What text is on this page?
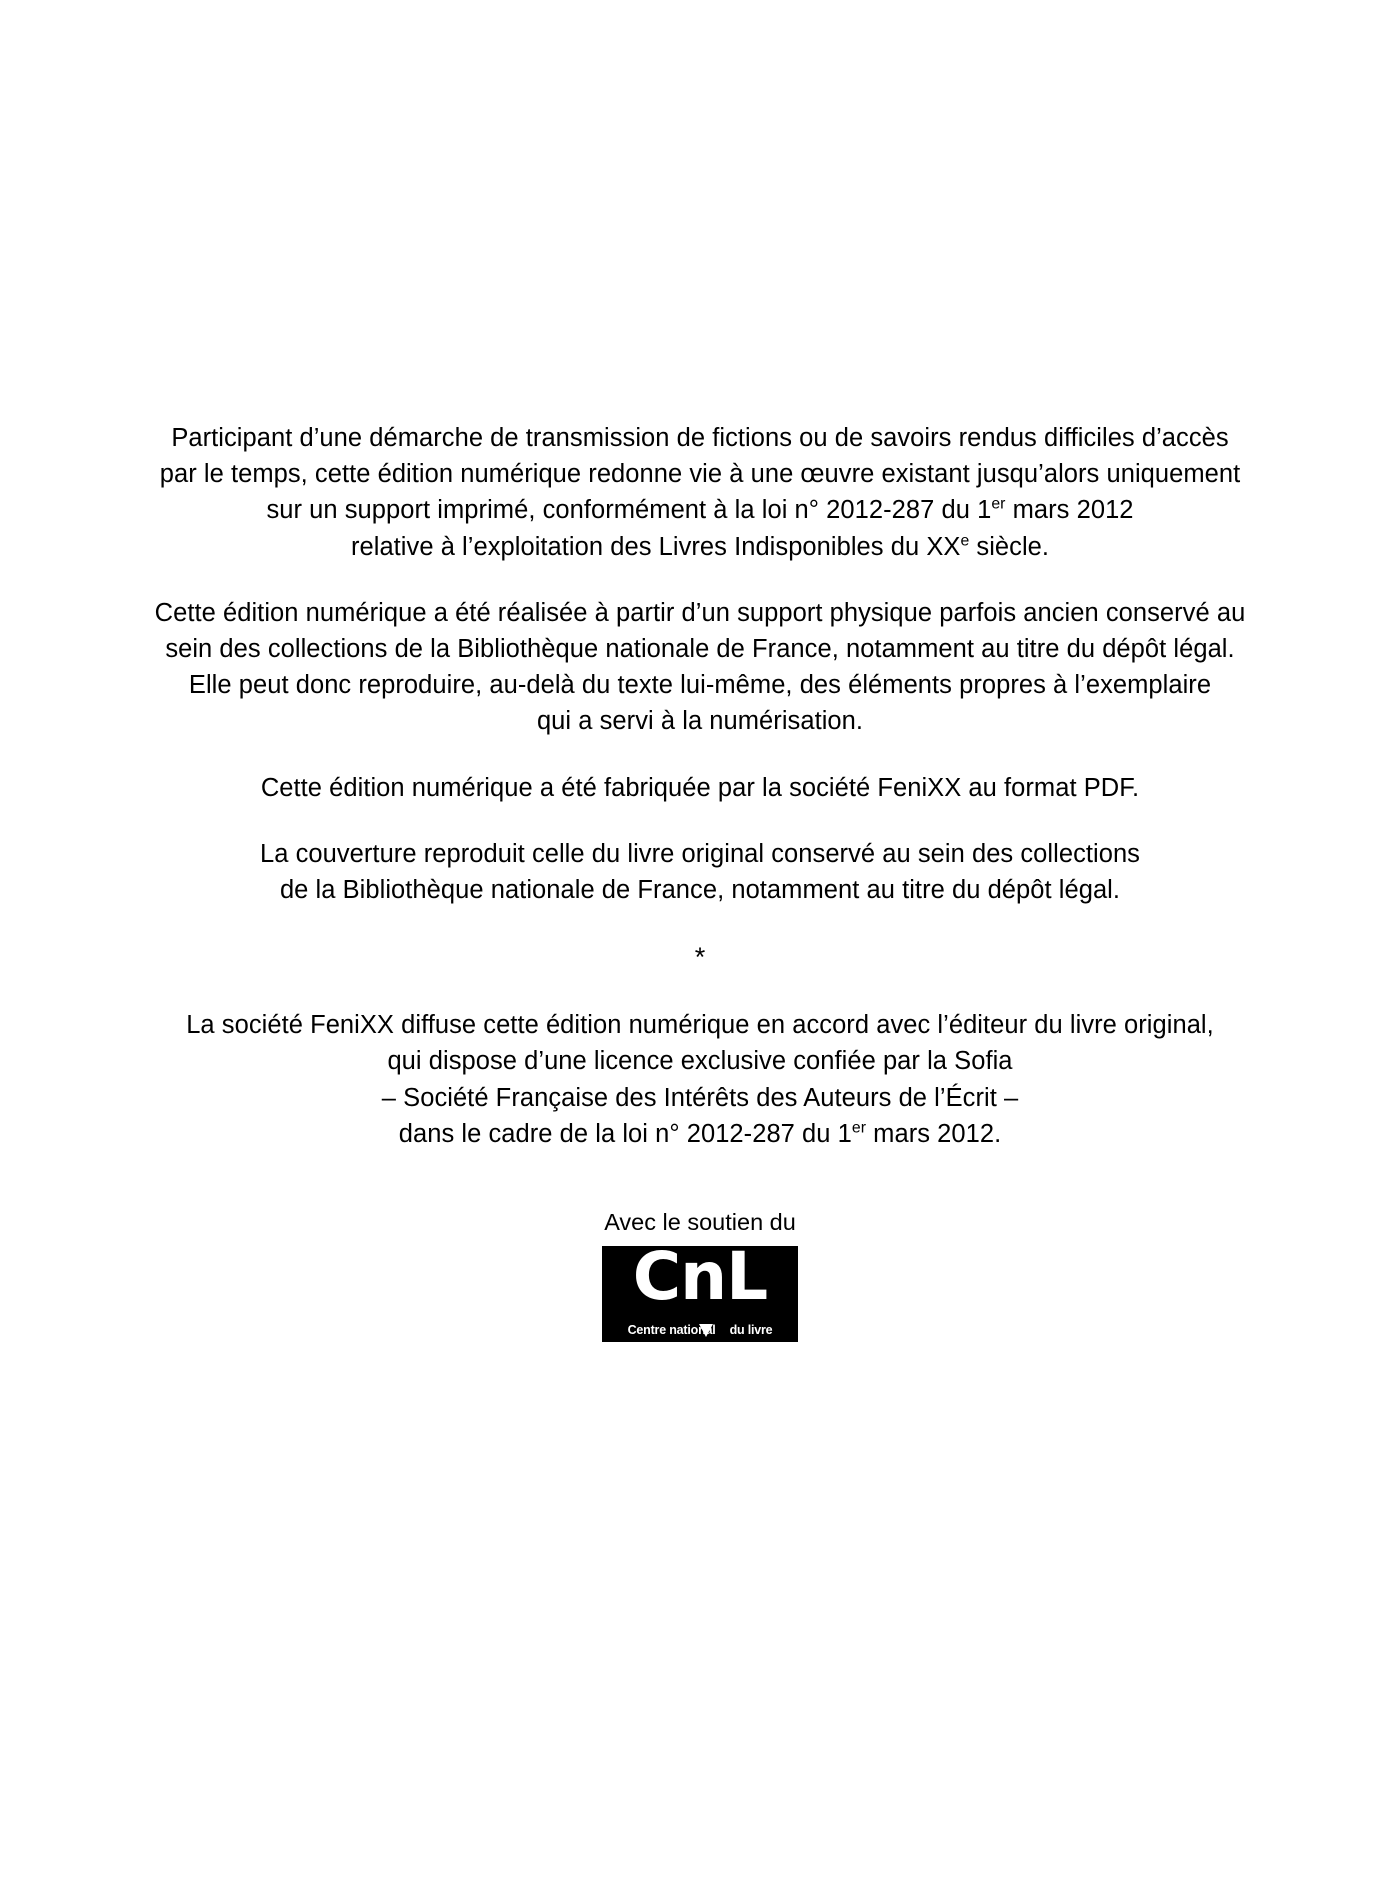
Participant d’une démarche de transmission de fictions ou de savoirs rendus difficiles d’accès
par le temps, cette édition numérique redonne vie à une œuvre existant jusqu’alors uniquement
sur un support imprimé, conformément à la loi n° 2012-287 du 1er mars 2012
relative à l’exploitation des Livres Indisponibles du XXe siècle.
Cette édition numérique a été réalisée à partir d’un support physique parfois ancien conservé au
sein des collections de la Bibliothèque nationale de France, notamment au titre du dépôt légal.
Elle peut donc reproduire, au-delà du texte lui-même, des éléments propres à l’exemplaire
qui a servi à la numérisation.
Cette édition numérique a été fabriquée par la société FeniXX au format PDF.
La couverture reproduit celle du livre original conservé au sein des collections
de la Bibliothèque nationale de France, notamment au titre du dépôt légal.
*
La société FeniXX diffuse cette édition numérique en accord avec l’éditeur du livre original,
qui dispose d’une licence exclusive confiée par la Sofia
– Société Française des Intérêts des Auteurs de l’Écrit –
dans le cadre de la loi n° 2012-287 du 1er mars 2012.
Avec le soutien du
CnL
Centre national du livre
